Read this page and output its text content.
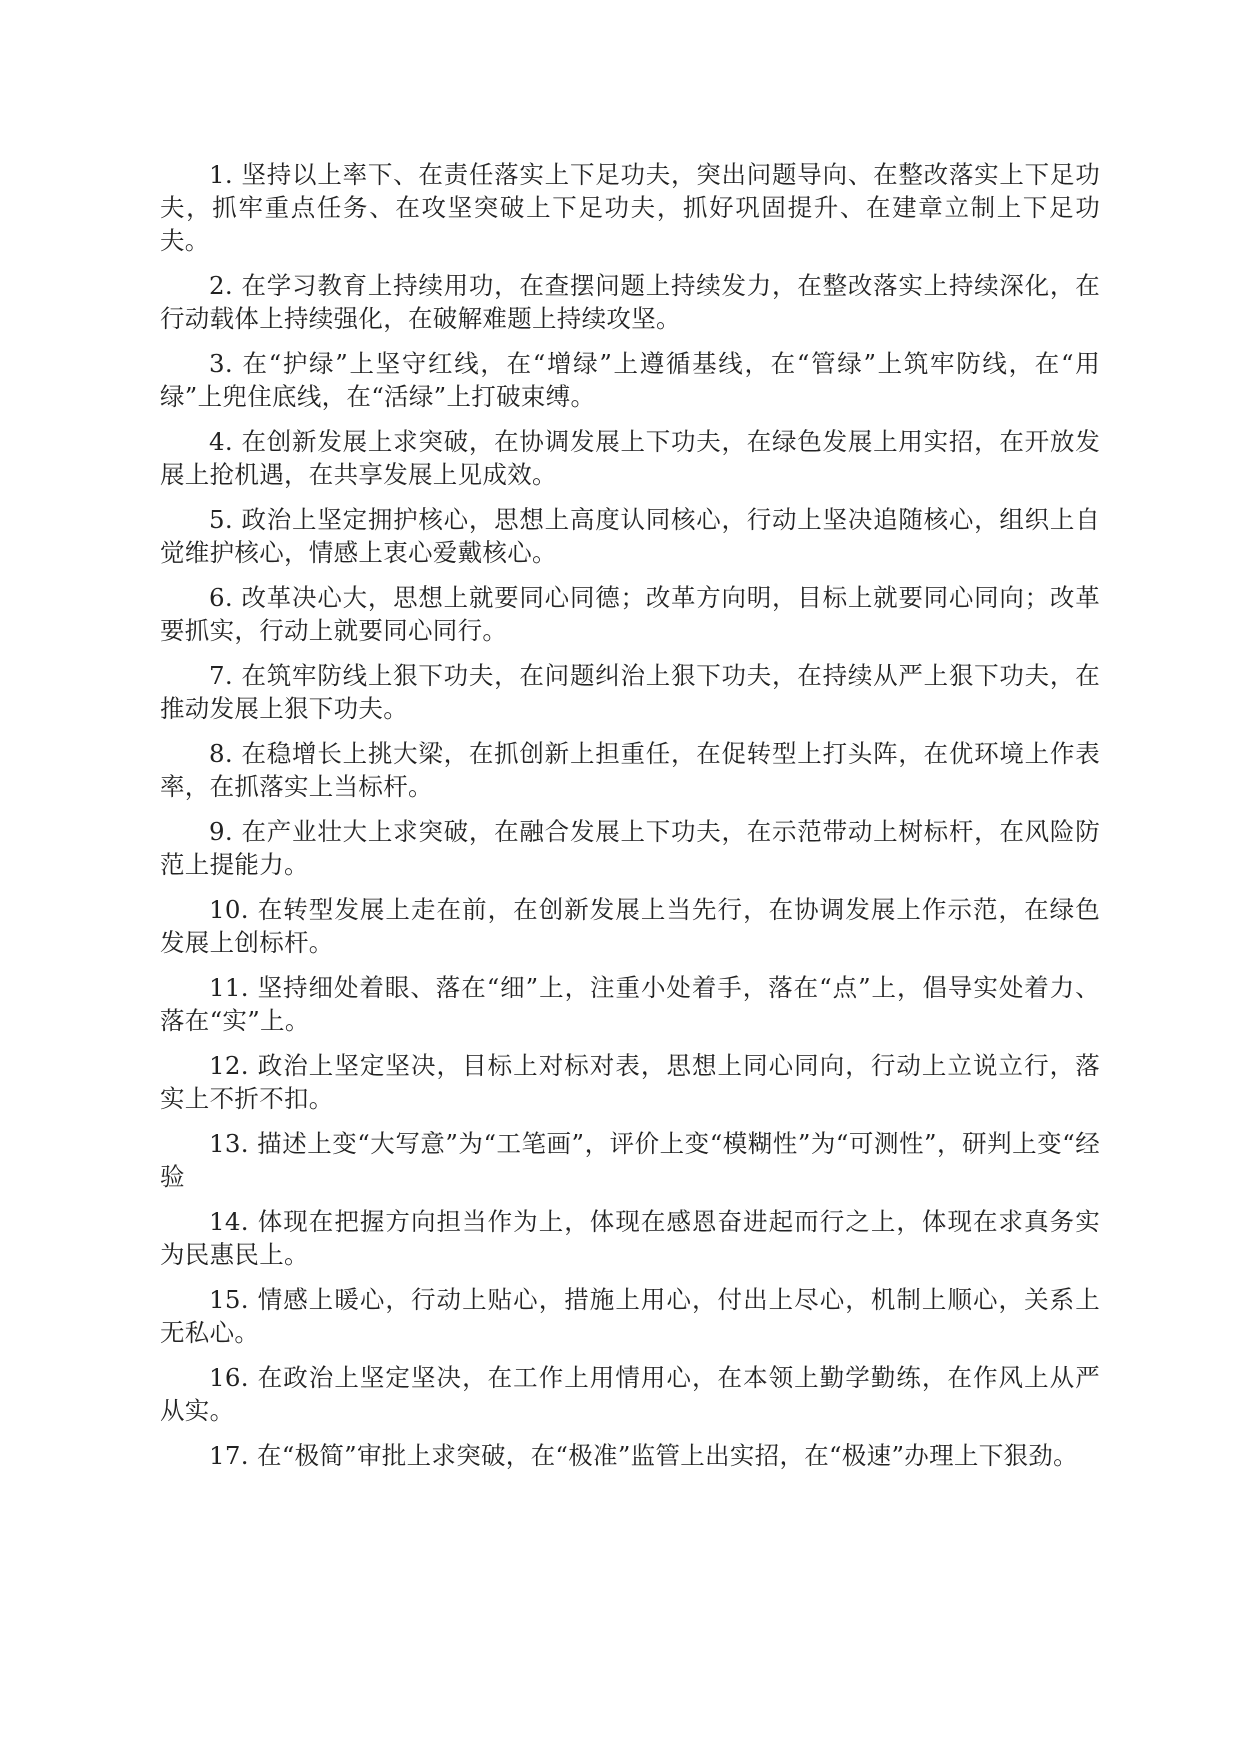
1. 坚持以上率下、在责任落实上下足功夫，突出问题导向、在整改落实上下足功夫，抓牢重点任务、在攻坚突破上下足功夫，抓好巩固提升、在建章立制上下足功夫。

2. 在学习教育上持续用功，在查摆问题上持续发力，在整改落实上持续深化，在行动载体上持续强化，在破解难题上持续攻坚。

3. 在“护绿”上坚守红线，在“增绿”上遵循基线，在“管绿”上筑牢防线，在“用绿”上兜住底线，在“活绿”上打破束缚。

4. 在创新发展上求突破，在协调发展上下功夫，在绿色发展上用实招，在开放发展上抢机遇，在共享发展上见成效。

5. 政治上坚定拥护核心，思想上高度认同核心，行动上坚决追随核心，组织上自觉维护核心，情感上衷心爱戴核心。

6. 改革决心大，思想上就要同心同德；改革方向明，目标上就要同心同向；改革要抓实，行动上就要同心同行。

7. 在筑牢防线上狠下功夫，在问题纠治上狠下功夫，在持续从严上狠下功夫，在推动发展上狠下功夫。

8. 在稳增长上挑大梁，在抓创新上担重任，在促转型上打头阵，在优环境上作表率，在抓落实上当标杆。

9. 在产业壮大上求突破，在融合发展上下功夫，在示范带动上树标杆，在风险防范上提能力。

10. 在转型发展上走在前，在创新发展上当先行，在协调发展上作示范，在绿色发展上创标杆。

11. 坚持细处着眼、落在“细”上，注重小处着手，落在“点”上，倡导实处着力、落在“实”上。

12. 政治上坚定坚决，目标上对标对表，思想上同心同向，行动上立说立行，落实上不折不扣。

13. 描述上变“大写意”为“工笔画”，评价上变“模糊性”为“可测性”，研判上变“经验

14. 体现在把握方向担当作为上，体现在感恩奋进起而行之上，体现在求真务实为民惠民上。

15. 情感上暖心，行动上贴心，措施上用心，付出上尽心，机制上顺心，关系上无私心。

16. 在政治上坚定坚决，在工作上用情用心，在本领上勤学勤练，在作风上从严从实。

17. 在“极简”审批上求突破，在“极准”监管上出实招，在“极速”办理上下狠劲。
